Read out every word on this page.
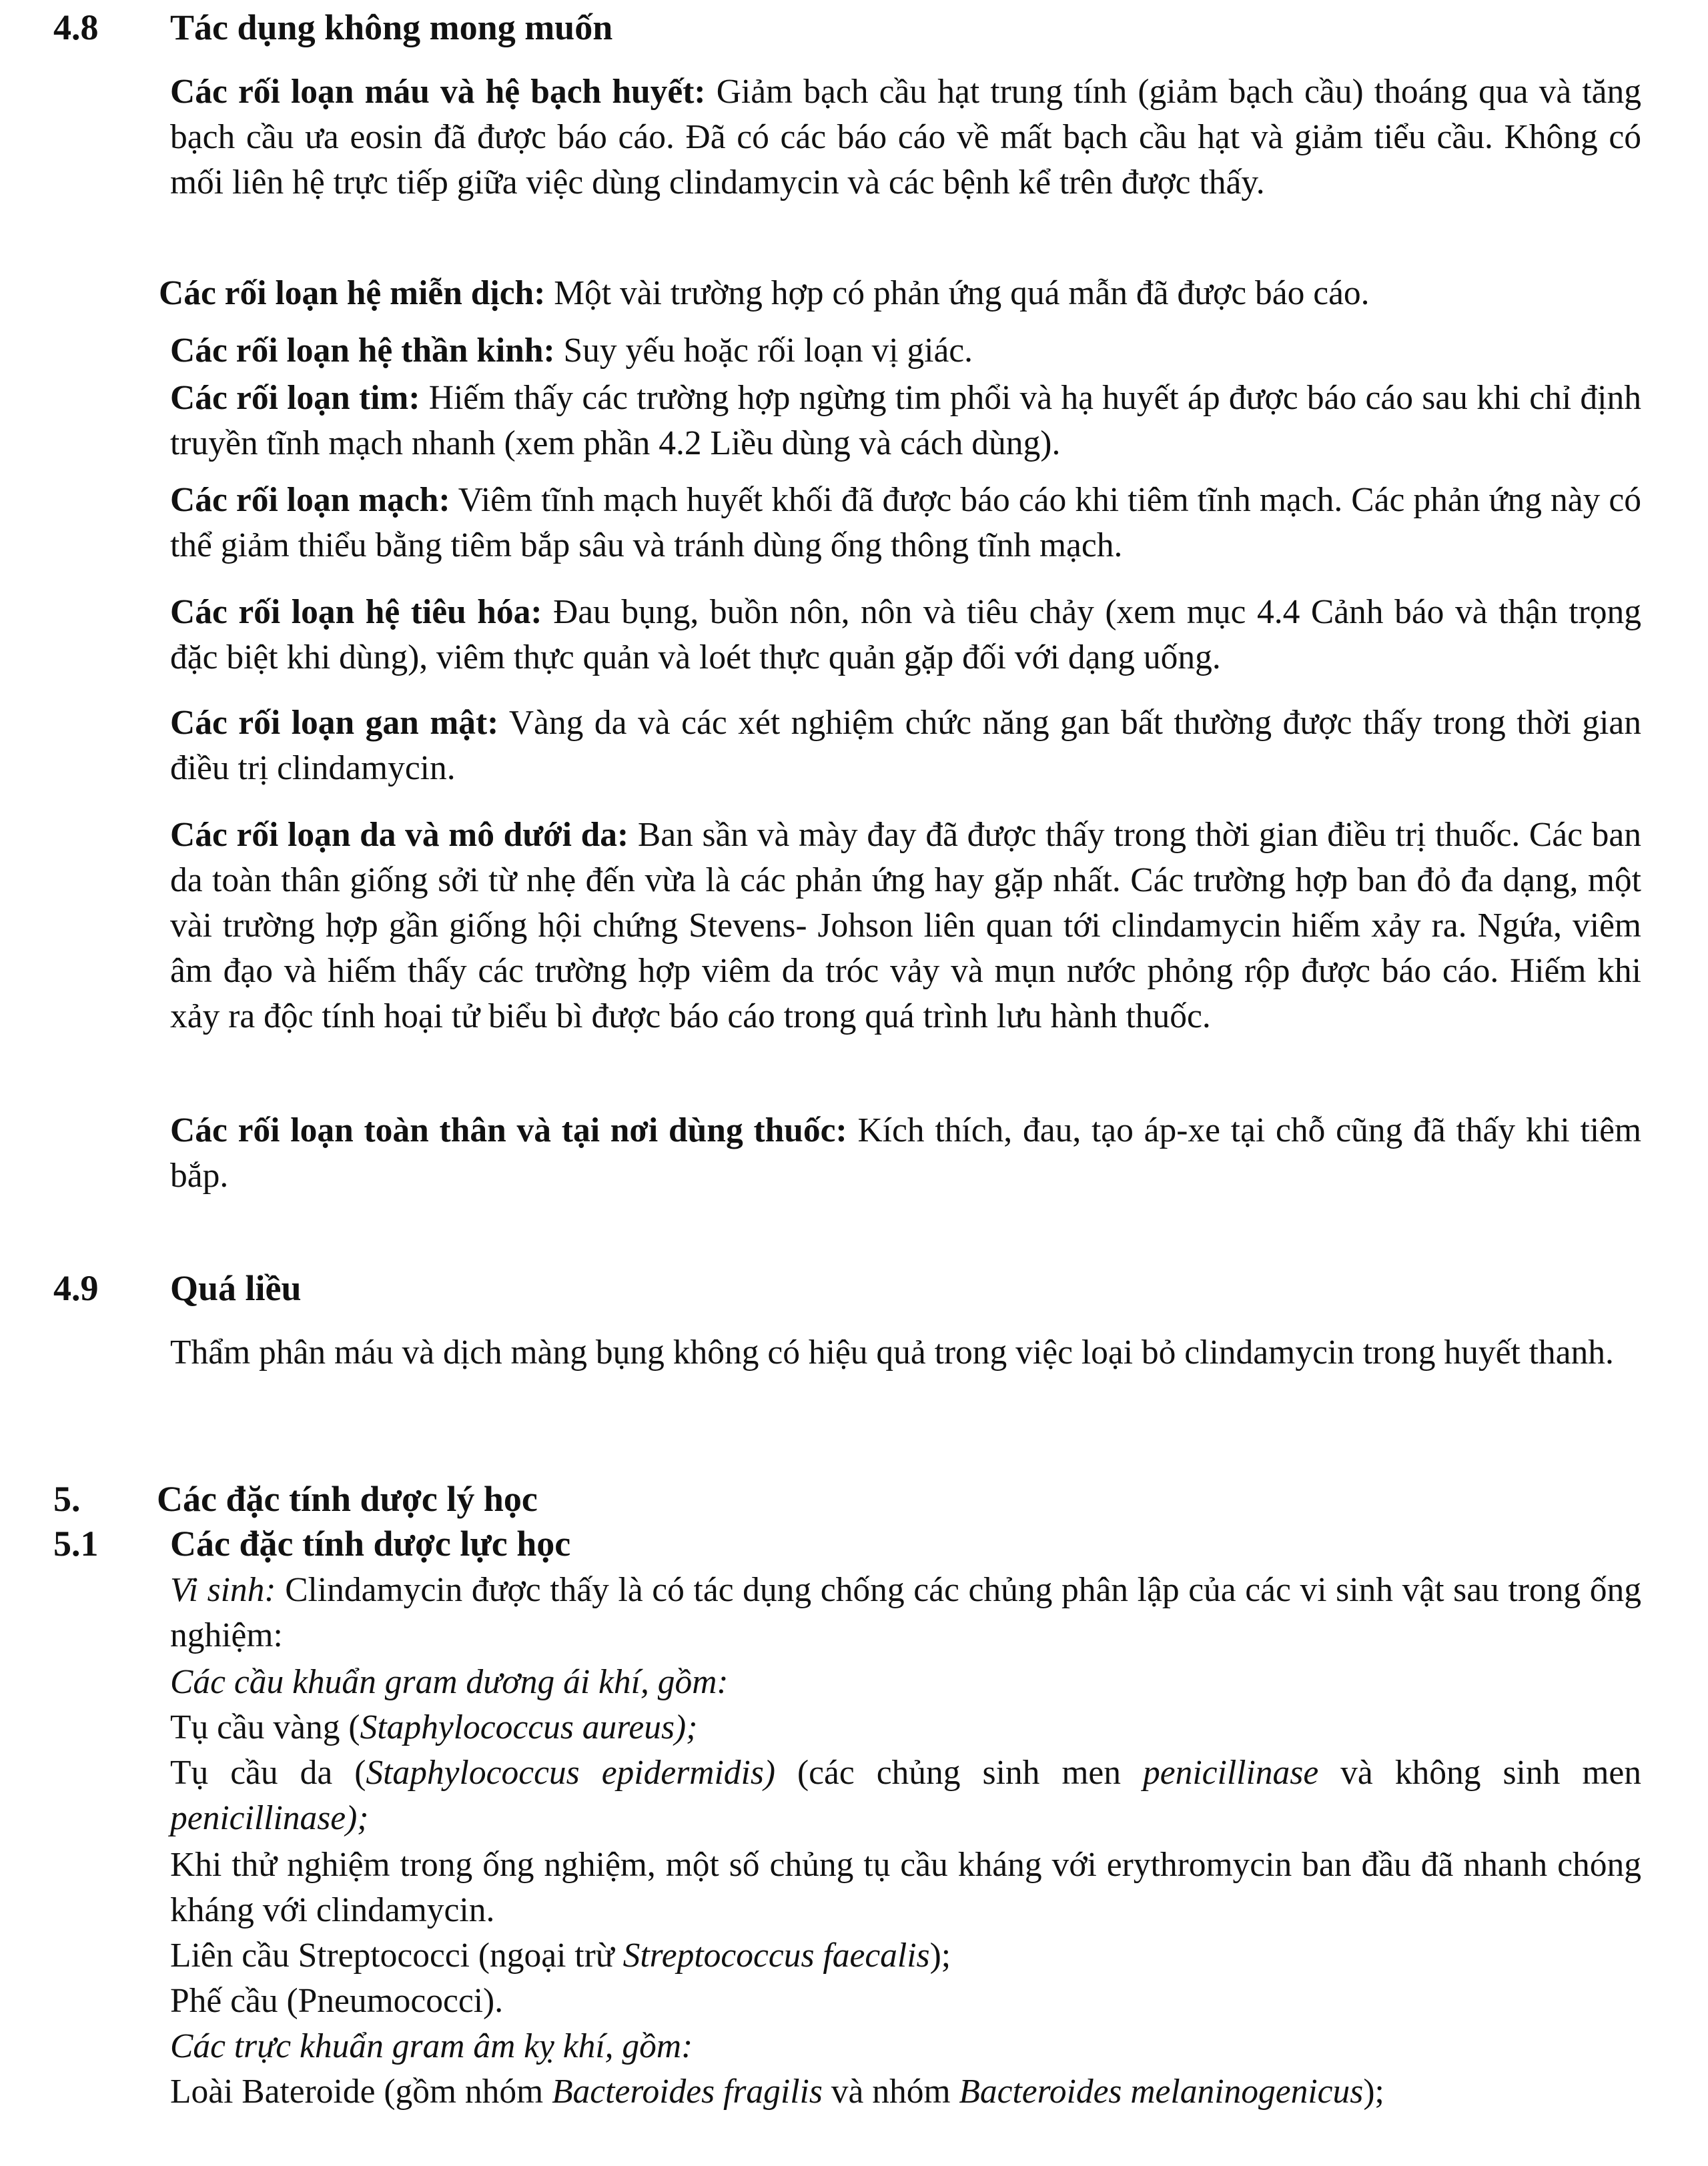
4.8 Tác dụng không mong muốn
Các rối loạn máu và hệ bạch huyết: Giảm bạch cầu hạt trung tính (giảm bạch cầu) thoáng qua và tăng bạch cầu ưa eosin đã được báo cáo. Đã có các báo cáo về mất bạch cầu hạt và giảm tiểu cầu. Không có mối liên hệ trực tiếp giữa việc dùng clindamycin và các bệnh kể trên được thấy.
Các rối loạn hệ miễn dịch: Một vài trường hợp có phản ứng quá mẫn đã được báo cáo.
Các rối loạn hệ thần kinh: Suy yếu hoặc rối loạn vị giác.
Các rối loạn tim: Hiếm thấy các trường hợp ngừng tim phổi và hạ huyết áp được báo cáo sau khi chỉ định truyền tĩnh mạch nhanh (xem phần 4.2 Liều dùng và cách dùng).
Các rối loạn mạch: Viêm tĩnh mạch huyết khối đã được báo cáo khi tiêm tĩnh mạch. Các phản ứng này có thể giảm thiểu bằng tiêm bắp sâu và tránh dùng ống thông tĩnh mạch.
Các rối loạn hệ tiêu hóa: Đau bụng, buồn nôn, nôn và tiêu chảy (xem mục 4.4 Cảnh báo và thận trọng đặc biệt khi dùng), viêm thực quản và loét thực quản gặp đối với dạng uống.
Các rối loạn gan mật: Vàng da và các xét nghiệm chức năng gan bất thường được thấy trong thời gian điều trị clindamycin.
Các rối loạn da và mô dưới da: Ban sần và mày đay đã được thấy trong thời gian điều trị thuốc. Các ban da toàn thân giống sởi từ nhẹ đến vừa là các phản ứng hay gặp nhất. Các trường hợp ban đỏ đa dạng, một vài trường hợp gần giống hội chứng Stevens- Johson liên quan tới clindamycin hiếm xảy ra. Ngứa, viêm âm đạo và hiếm thấy các trường hợp viêm da tróc vảy và mụn nước phỏng rộp được báo cáo. Hiếm khi xảy ra độc tính hoại tử biểu bì được báo cáo trong quá trình lưu hành thuốc.
Các rối loạn toàn thân và tại nơi dùng thuốc: Kích thích, đau, tạo áp-xe tại chỗ cũng đã thấy khi tiêm bắp.
4.9 Quá liều
Thẩm phân máu và dịch màng bụng không có hiệu quả trong việc loại bỏ clindamycin trong huyết thanh.
5. Các đặc tính dược lý học
5.1 Các đặc tính dược lực học
Vi sinh: Clindamycin được thấy là có tác dụng chống các chủng phân lập của các vi sinh vật sau trong ống nghiệm:
Các cầu khuẩn gram dương ái khí, gồm:
Tụ cầu vàng (Staphylococcus aureus);
Tụ cầu da (Staphylococcus epidermidis) (các chủng sinh men penicillinase và không sinh men penicillinase);
Khi thử nghiệm trong ống nghiệm, một số chủng tụ cầu kháng với erythromycin ban đầu đã nhanh chóng kháng với clindamycin.
Liên cầu Streptococci (ngoại trừ Streptococcus faecalis);
Phế cầu (Pneumococci).
Các trực khuẩn gram âm kỵ khí, gồm:
Loài Bateroide (gồm nhóm Bacteroides fragilis và nhóm Bacteroides melaninogenicus);
